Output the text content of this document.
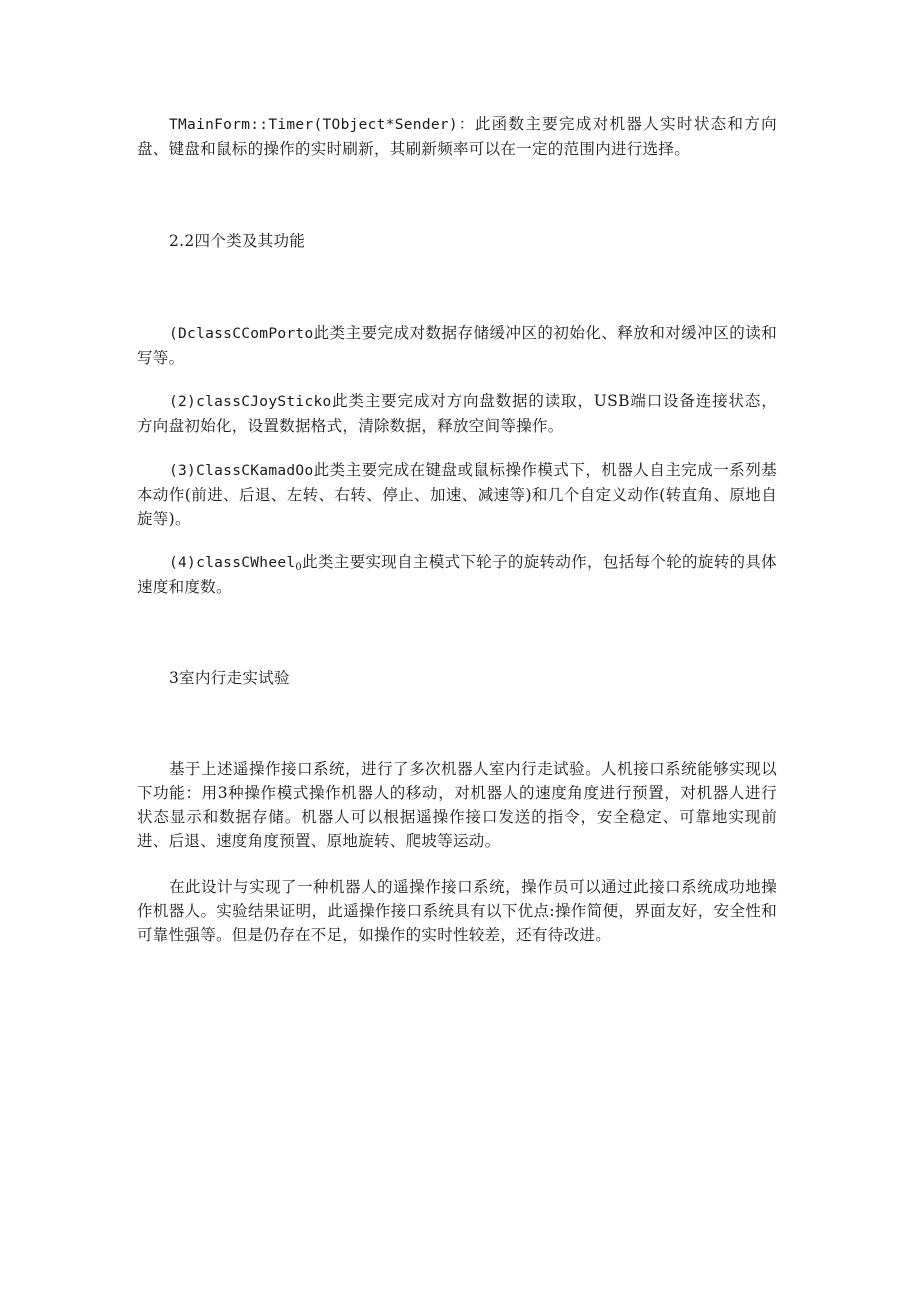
TMainForm::Timer(TObject*Sender)：此函数主要完成对机器人实时状态和方向盘、键盘和鼠标的操作的实时刷新，其刷新频率可以在一定的范围内进行选择。

2.2四个类及其功能

(DclassCComPorto此类主要完成对数据存储缓冲区的初始化、释放和对缓冲区的读和写等。

(2)classCJoySticko此类主要完成对方向盘数据的读取，USB端口设备连接状态，方向盘初始化，设置数据格式，清除数据，释放空间等操作。

(3)ClassCKamadOo此类主要完成在键盘或鼠标操作模式下，机器人自主完成一系列基本动作(前进、后退、左转、右转、停止、加速、减速等)和几个自定义动作(转直角、原地自旋等)。

(4)classCWheel$_0$此类主要实现自主模式下轮子的旋转动作，包括每个轮的旋转的具体速度和度数。

3室内行走实试验

基于上述遥操作接口系统，进行了多次机器人室内行走试验。人机接口系统能够实现以下功能：用3种操作模式操作机器人的移动，对机器人的速度角度进行预置，对机器人进行状态显示和数据存储。机器人可以根据遥操作接口发送的指令，安全稳定、可靠地实现前进、后退、速度角度预置、原地旋转、爬坡等运动。

在此设计与实现了一种机器人的遥操作接口系统，操作员可以通过此接口系统成功地操作机器人。实验结果证明，此遥操作接口系统具有以下优点:操作简便，界面友好，安全性和可靠性强等。但是仍存在不足，如操作的实时性较差，还有待改进。
